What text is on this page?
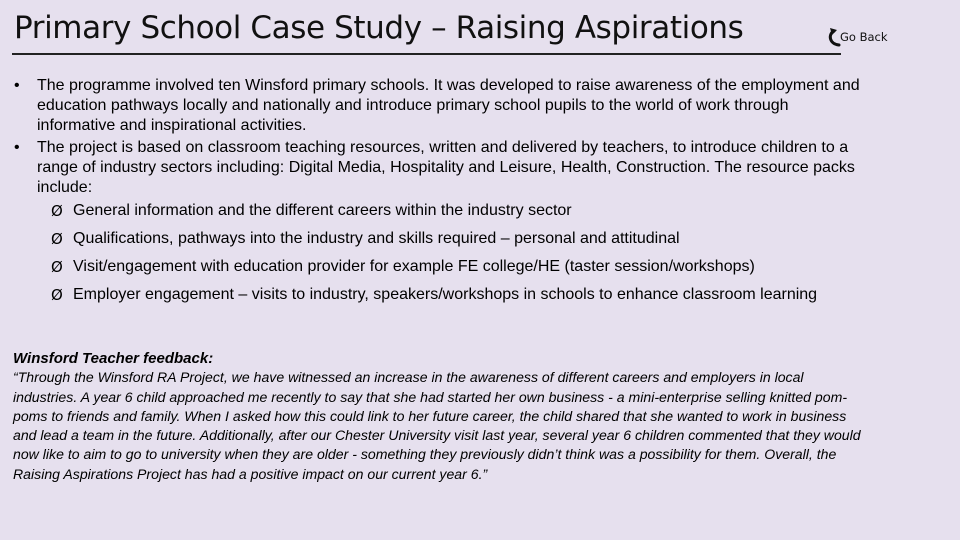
Primary School Case Study – Raising Aspirations	Go Back
• The programme involved ten Winsford primary schools. It was developed to raise awareness of the employment and education pathways locally and nationally and introduce primary school pupils to the world of work through informative and inspirational activities.
• The project is based on classroom teaching resources, written and delivered by teachers, to introduce children to a range of industry sectors including: Digital Media, Hospitality and Leisure, Health, Construction. The resource packs include:
Ø General information and the different careers within the industry sector
Ø Qualifications, pathways into the industry and skills required – personal and attitudinal
Ø Visit/engagement with education provider for example FE college/HE (taster session/workshops)
Ø Employer engagement – visits to industry, speakers/workshops in schools to enhance classroom learning

Winsford Teacher feedback:

“Through the Winsford RA Project, we have witnessed an increase in the awareness of different careers and employers in local industries. A year 6 child approached me recently to say that she had started her own business - a mini-enterprise selling knitted pom-poms to friends and family. When I asked how this could link to her future career, the child shared that she wanted to work in business and lead a team in the future. Additionally, after our Chester University visit last year, several year 6 children commented that they would now like to aim to go to university when they are older - something they previously didn’t think was a possibility for them. Overall, the Raising Aspirations Project has had a positive impact on our current year 6.”
